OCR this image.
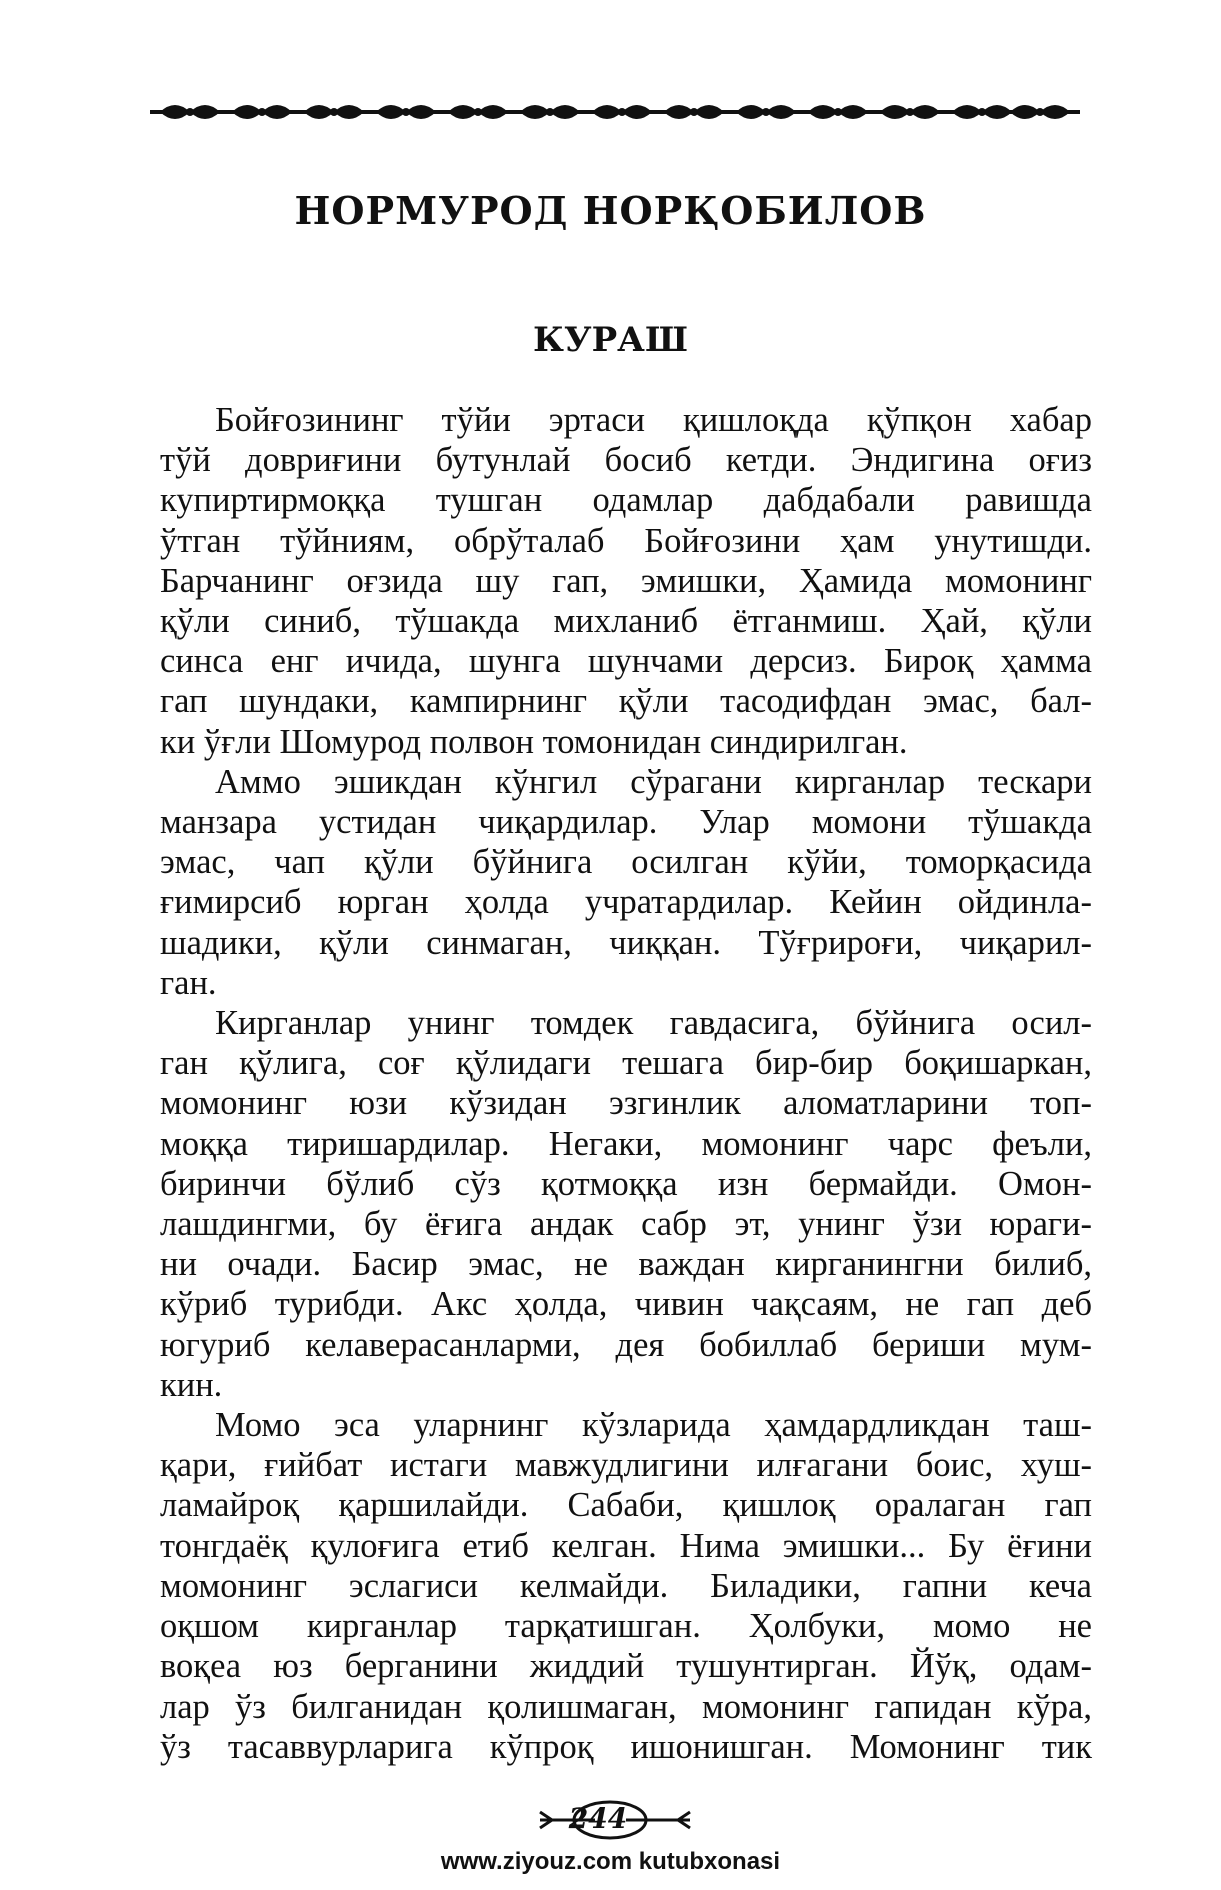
НОРМУРОД НОРҚОБИЛОВ
КУРАШ
Бойғозининг тўйи эртаси қишлоқда қўпқон хабар
тўй довриғини бутунлай босиб кетди. Эндигина оғиз
купиртирмоққа тушган одамлар дабдабали равишда
ўтган тўйниям, обрўталаб Бойғозини ҳам унутишди.
Барчанинг оғзида шу гап, эмишки, Ҳамида момонинг
қўли синиб, тўшакда михланиб ётганмиш. Ҳай, қўли
синса енг ичида, шунга шунчами дерсиз. Бироқ ҳамма
гап шундаки, кампирнинг қўли тасодифдан эмас, бал-
ки ўғли Шомурод полвон томонидан синдирилган.
Аммо эшикдан кўнгил сўрагани кирганлар тескари
манзара устидан чиқардилар. Улар момони тўшакда
эмас, чап қўли бўйнига осилган кўйи, томорқасида
ғимирсиб юрган ҳолда учратардилар. Кейин ойдинла-
шадики, қўли синмаган, чиққан. Тўғрироғи, чиқарил-
ган.
Кирганлар унинг томдек гавдасига, бўйнига осил-
ган қўлига, соғ қўлидаги тешага бир-бир боқишаркан,
момонинг юзи кўзидан эзгинлик аломатларини топ-
моққа тиришардилар. Негаки, момонинг чарс феъли,
биринчи бўлиб сўз қотмоққа изн бермайди. Омон-
лашдингми, бу ёғига андак сабр эт, унинг ўзи юраги-
ни очади. Басир эмас, не важдан кирганингни билиб,
кўриб турибди. Акс ҳолда, чивин чақсаям, не гап деб
югуриб келаверасанларми, дея бобиллаб бериши мум-
кин.
Момо эса уларнинг кўзларида ҳамдардликдан таш-
қари, ғийбат истаги мавжудлигини илғагани боис, хуш-
ламайроқ қаршилайди. Сабаби, қишлоқ оралаган гап
тонгдаёқ қулоғига етиб келган. Нима эмишки... Бу ёғини
момонинг эслагиси келмайди. Биладики, гапни кеча
оқшом кирганлар тарқатишган. Ҳолбуки, момо не
воқеа юз берганини жиддий тушунтирган. Йўқ, одам-
лар ўз билганидан қолишмаган, момонинг гапидан кўра,
ўз тасаввурларига кўпроқ ишонишган. Момонинг тик
244
www.ziyouz.com kutubxonasi
